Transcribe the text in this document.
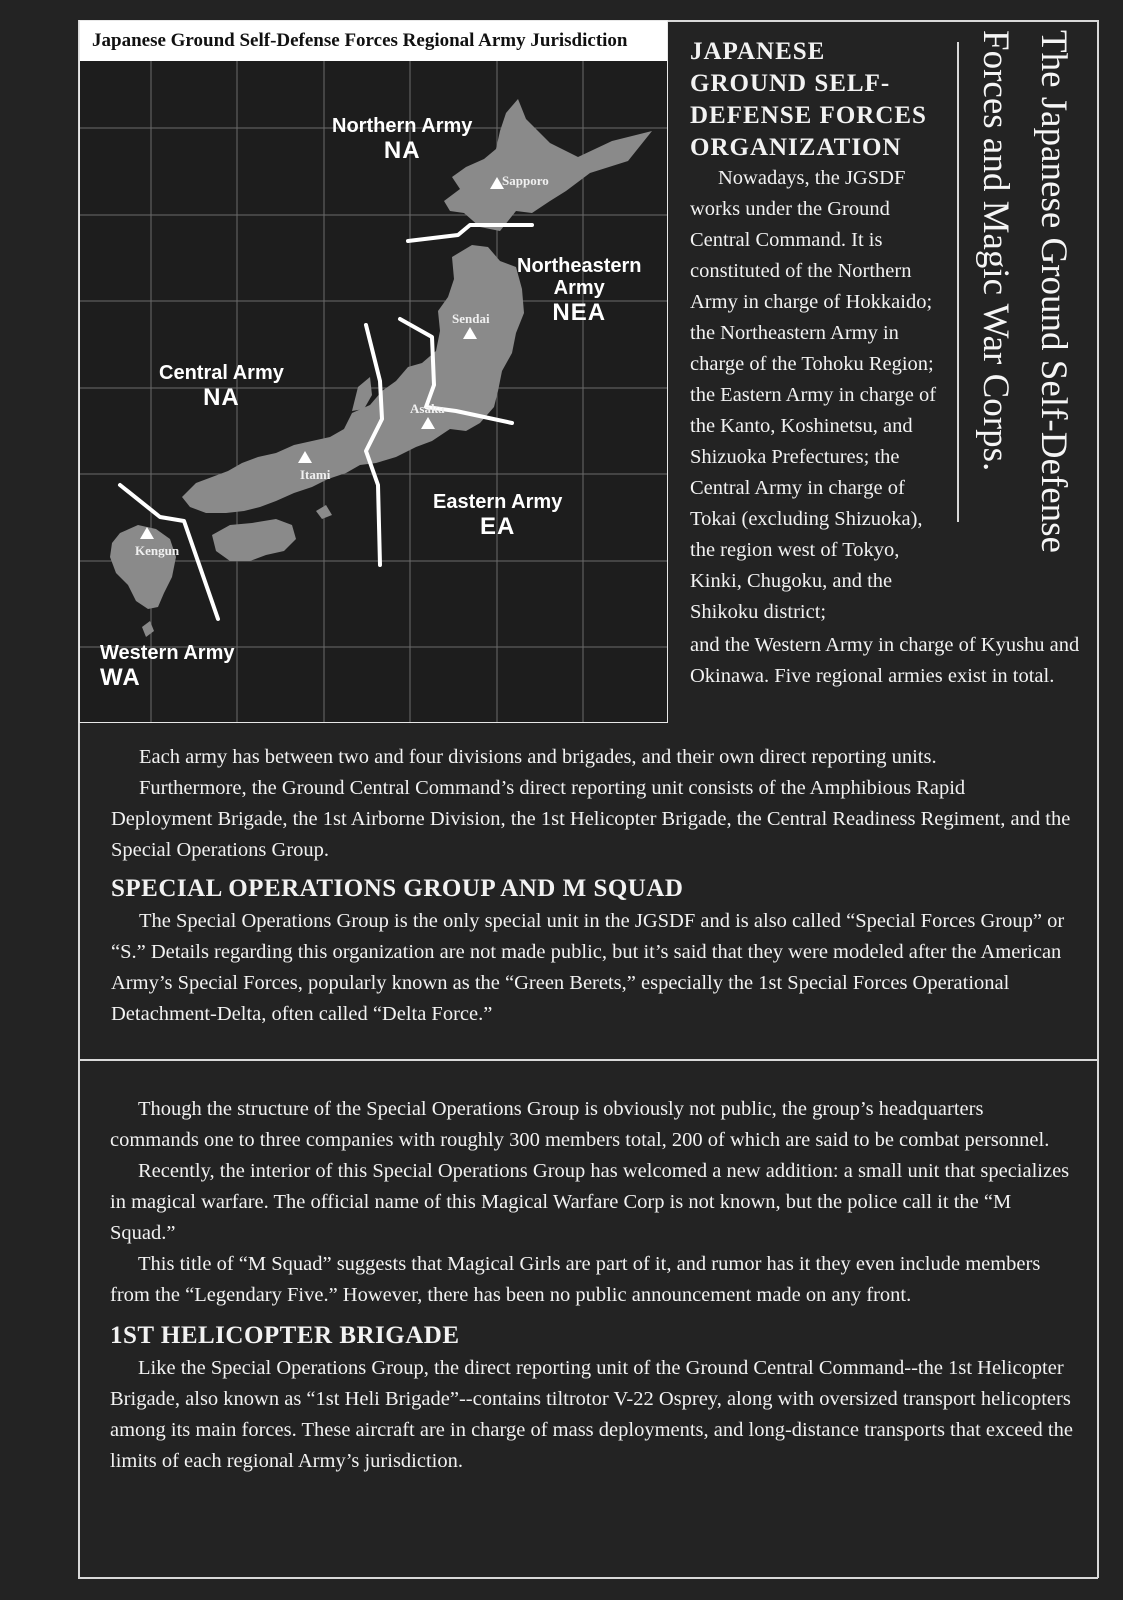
Japanese Ground Self-Defense Forces Regional Army Jurisdiction
Sapporo
Sendai
Asaka
Itami
Kengun
Northern Army
NA
Northeastern
Army
NEA
Central Army
NA
Eastern Army
EA
Western Army
WA
JAPANESE GROUND SELF-DEFENSE FORCES ORGANIZATION

Nowadays, the JGSDF works under the Ground Central Command. It is constituted of the Northern Army in charge of Hokkaido; the Northeastern Army in charge of the Tohoku Region; the Eastern Army in charge of the Kanto, Koshinetsu, and Shizuoka Prefectures; the Central Army in charge of Tokai (excluding Shizuoka), the region west of Tokyo, Kinki, Chugoku, and the Shikoku district;

and the Western Army in charge of Kyushu and Okinawa. Five regional armies exist in total.

The Japanese Ground Self-Defense Forces and Magic War Corps.

Each army has between two and four divisions and brigades, and their own direct reporting units.

Furthermore, the Ground Central Command’s direct reporting unit consists of the Amphibious Rapid Deployment Brigade, the 1st Airborne Division, the 1st Helicopter Brigade, the Central Readiness Regiment, and the Special Operations Group.

SPECIAL OPERATIONS GROUP AND M SQUAD

The Special Operations Group is the only special unit in the JGSDF and is also called “Special Forces Group” or “S.” Details regarding this organization are not made public, but it’s said that they were modeled after the American Army’s Special Forces, popularly known as the “Green Berets,” especially the 1st Special Forces Operational Detachment-Delta, often called “Delta Force.”

Though the structure of the Special Operations Group is obviously not public, the group’s headquarters commands one to three companies with roughly 300 members total, 200 of which are said to be combat personnel.

Recently, the interior of this Special Operations Group has welcomed a new addition: a small unit that specializes in magical warfare. The official name of this Magical Warfare Corp is not known, but the police call it the “M Squad.”

This title of “M Squad” suggests that Magical Girls are part of it, and rumor has it they even include members from the “Legendary Five.” However, there has been no public announcement made on any front.

1ST HELICOPTER BRIGADE

Like the Special Operations Group, the direct reporting unit of the Ground Central Command--the 1st Helicopter Brigade, also known as “1st Heli Brigade”--contains tiltrotor V-22 Osprey, along with oversized transport helicopters among its main forces. These aircraft are in charge of mass deployments, and long-distance transports that exceed the limits of each regional Army’s jurisdiction.
